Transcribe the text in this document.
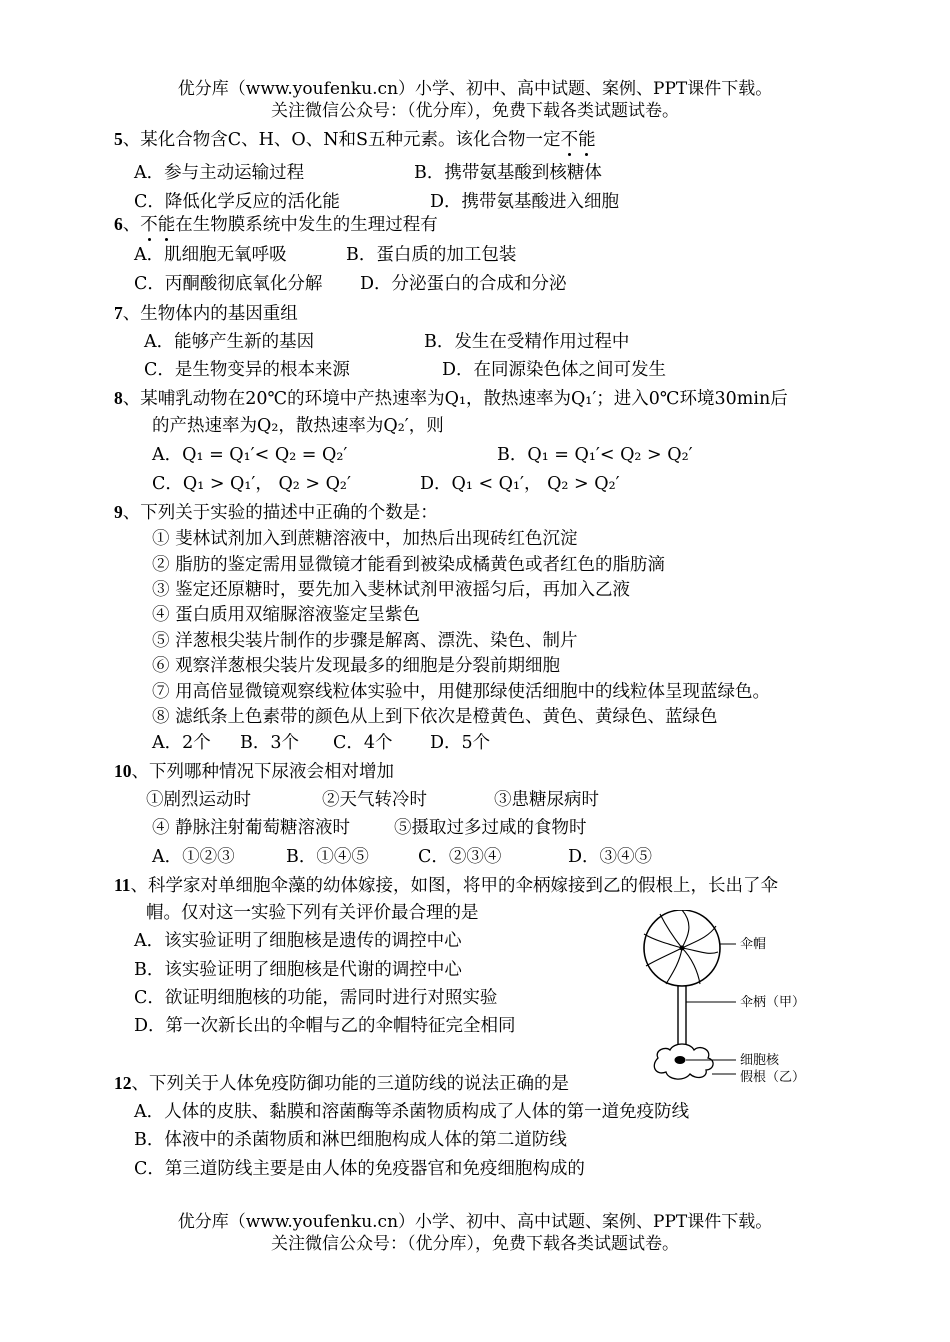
优分库（www.youfenku.cn）小学、初中、高中试题、案例、PPT课件下载。
关注微信公众号：（优分库），免费下载各类试题试卷。
5、某化合物含C、H、O、N和S五种元素。该化合物一定不能
A．参与主动运输过程	B．携带氨基酸到核糖体
C．降低化学反应的活化能	D．携带氨基酸进入细胞
6、不能在生物膜系统中发生的生理过程有
A．肌细胞无氧呼吸	B．蛋白质的加工包装
C．丙酮酸彻底氧化分解 D．分泌蛋白的合成和分泌
7、生物体内的基因重组
A．能够产生新的基因	B．发生在受精作用过程中
C．是生物变异的根本来源	D．在同源染色体之间可发生
8、某哺乳动物在20℃的环境中产热速率为Q₁，散热速率为Q₁′；进入0℃环境30min后
的产热速率为Q₂，散热速率为Q₂′，则
A．Q₁ = Q₁′< Q₂ = Q₂′	B．Q₁ = Q₁′< Q₂ > Q₂′
C．Q₁ > Q₁′， Q₂ > Q₂′	D．Q₁ < Q₁′， Q₂ > Q₂′
9、下列关于实验的描述中正确的个数是：
① 斐林试剂加入到蔗糖溶液中，加热后出现砖红色沉淀
② 脂肪的鉴定需用显微镜才能看到被染成橘黄色或者红色的脂肪滴
③ 鉴定还原糖时，要先加入斐林试剂甲液摇匀后，再加入乙液
④ 蛋白质用双缩脲溶液鉴定呈紫色
⑤ 洋葱根尖装片制作的步骤是解离、漂洗、染色、制片
⑥ 观察洋葱根尖装片发现最多的细胞是分裂前期细胞
⑦ 用高倍显微镜观察线粒体实验中，用健那绿使活细胞中的线粒体呈现蓝绿色。
⑧ 滤纸条上色素带的颜色从上到下依次是橙黄色、黄色、黄绿色、蓝绿色
A．2个 B．3个 C．4个 D．5个
10、下列哪种情况下尿液会相对增加
①剧烈运动时	②天气转冷时	③患糖尿病时
④ 静脉注射葡萄糖溶液时	⑤摄取过多过咸的食物时
A．①②③	B．①④⑤	C．②③④	D．③④⑤
11、科学家对单细胞伞藻的幼体嫁接，如图，将甲的伞柄嫁接到乙的假根上，长出了伞
帽。仅对这一实验下列有关评价最合理的是
A．该实验证明了细胞核是遗传的调控中心
B．该实验证明了细胞核是代谢的调控中心
C．欲证明细胞核的功能，需同时进行对照实验
D．第一次新长出的伞帽与乙的伞帽特征完全相同
伞帽
伞柄（甲）
细胞核
假根（乙）
12、下列关于人体免疫防御功能的三道防线的说法正确的是
A．人体的皮肤、黏膜和溶菌酶等杀菌物质构成了人体的第一道免疫防线
B．体液中的杀菌物质和淋巴细胞构成人体的第二道防线
C．第三道防线主要是由人体的免疫器官和免疫细胞构成的
优分库（www.youfenku.cn）小学、初中、高中试题、案例、PPT课件下载。
关注微信公众号：（优分库），免费下载各类试题试卷。
